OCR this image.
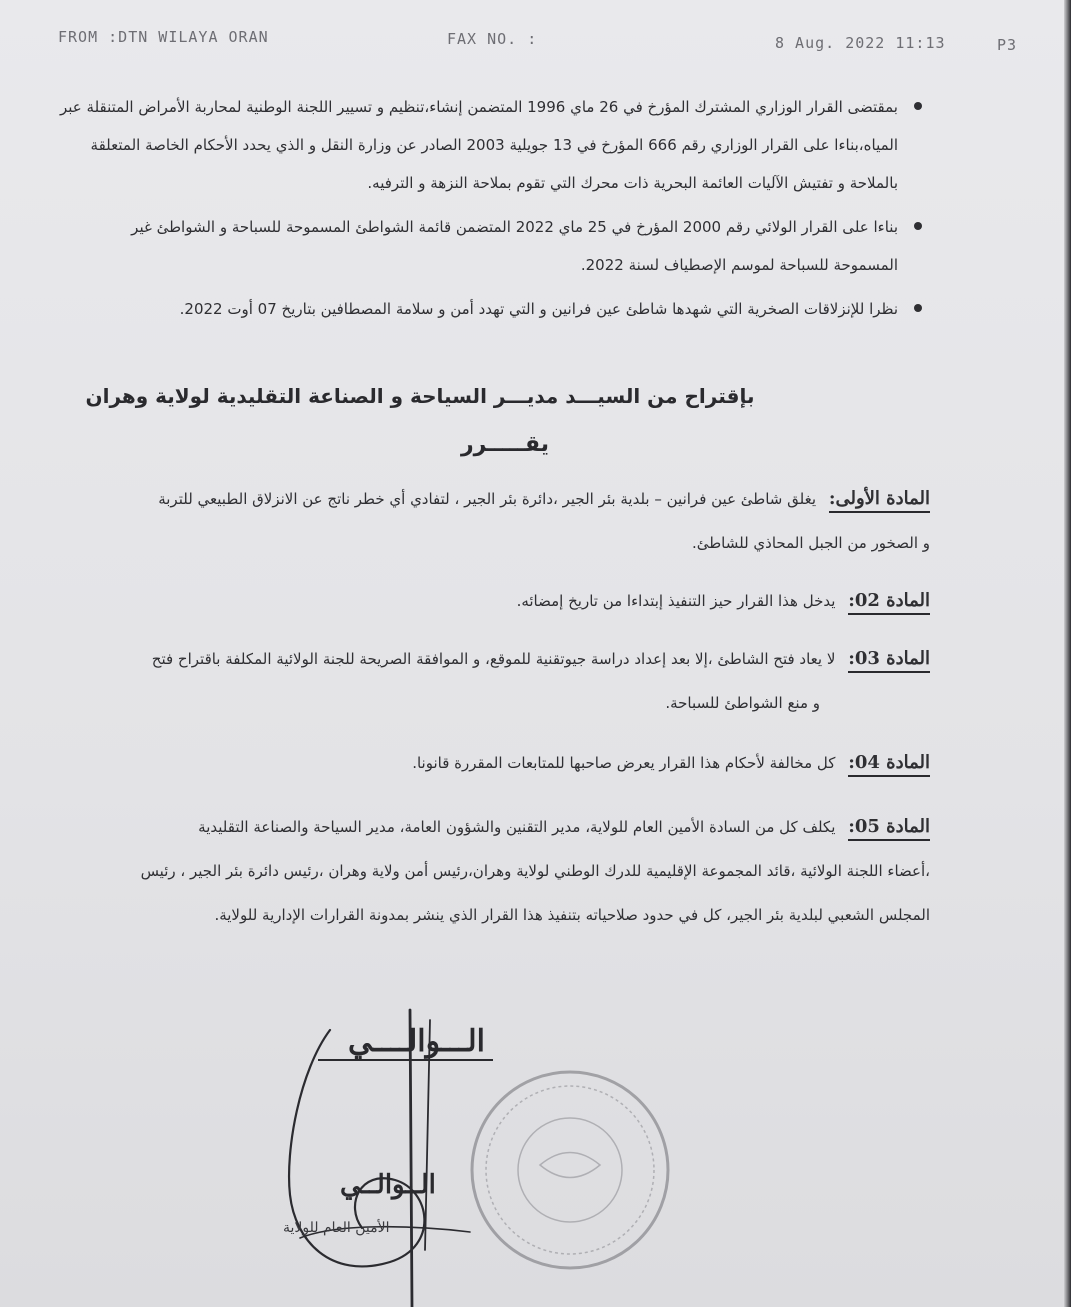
FROM :DTN WILAYA ORAN	FAX NO. :	8 Aug. 2022 11:13	P3
بمقتضى القرار الوزاري المشترك المؤرخ في 26 ماي 1996 المتضمن إنشاء،تنظيم و تسيير اللجنة الوطنية لمحاربة الأمراض المتنقلة عبر
المياه،بناءا على القرار الوزاري رقم 666 المؤرخ في 13 جويلية 2003 الصادر عن وزارة النقل و الذي يحدد الأحكام الخاصة المتعلقة
بالملاحة و تفتيش الآليات العائمة البحرية ذات محرك التي تقوم بملاحة النزهة و الترفيه.
بناءا على القرار الولائي رقم 2000 المؤرخ في 25 ماي 2022 المتضمن قائمة الشواطئ المسموحة للسباحة و الشواطئ غير
المسموحة للسباحة لموسم الإصطياف لسنة 2022.
نظرا للإنزلاقات الصخرية التي شهدها شاطئ عين فرانين و التي تهدد أمن و سلامة المصطافين بتاريخ 07 أوت 2022.
بإقتراح من السيـــد مديـــر السياحة و الصناعة التقليدية لولاية وهران
يقـــــرر
المادة الأولى: يغلق شاطئ عين فرانين – بلدية بئر الجير ،دائرة بئر الجير ، لتفادي أي خطر ناتج عن الانزلاق الطبيعي للتربة
و الصخور من الجبل المحاذي للشاطئ.
المادة 02: يدخل هذا القرار حيز التنفيذ إبتداءا من تاريخ إمضائه.
المادة 03: لا يعاد فتح الشاطئ ،إلا بعد إعداد دراسة جيوتقنية للموقع، و الموافقة الصريحة للجنة الولائية المكلفة باقتراح فتح
و منع الشواطئ للسباحة.
المادة 04: كل مخالفة لأحكام هذا القرار يعرض صاحبها للمتابعات المقررة قانونا.
المادة 05: يكلف كل من السادة الأمين العام للولاية، مدير التقنين والشؤون العامة، مدير السياحة والصناعة التقليدية
،أعضاء اللجنة الولائية ،قائد المجموعة الإقليمية للدرك الوطني لولاية وهران،رئيس أمن ولاية وهران ،رئيس دائرة بئر الجير ، رئيس
المجلس الشعبي لبلدية بئر الجير، كل في حدود صلاحياته بتنفيذ هذا القرار الذي ينشر بمدونة القرارات الإدارية للولاية.
الـــوالــــي
الــوالــي
الأمين العام للولاية
